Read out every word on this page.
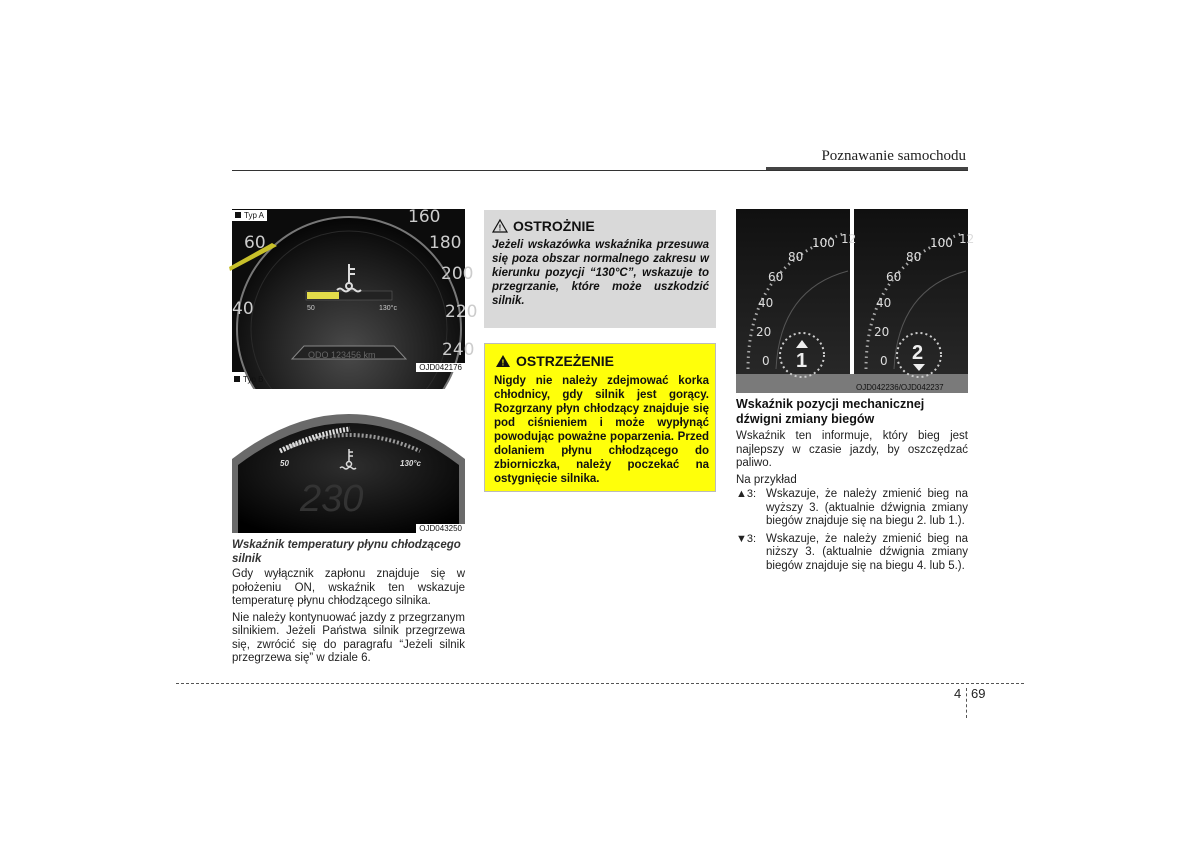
Poznawanie samochodu
60	180
200
220
240
160
40	50	130°c
ODO 123456 km
Typ A
OJD042176
Typ B
50	130°c
230
OJD043250
Wskaźnik temperatury płynu chłodzącego silnik

Gdy wyłącznik zapłonu znajduje się w położeniu ON, wskaźnik ten wskazuje temperaturę płynu chłodzącego silnika.

Nie należy kontynuować jazdy z przegrzanym silnikiem. Jeżeli Państwa silnik przegrzewa się, zwrócić się do paragrafu “Jeżeli silnik przegrzewa się” w dziale 6.

! OSTROŻNIE
Jeżeli wskazówka wskaźnika przesuwa się poza obszar normalnego zakresu w kierunku pozycji “130°C”, wskazuje to przegrzanie, które może uszkodzić silnik.
! OSTRZEŻENIE
Nigdy nie należy zdejmować korka chłodnicy, gdy silnik jest gorący. Rozgrzany płyn chłodzący znajduje się pod ciśnieniem i może wypłynąć powodując poważne poparzenia. Przed dolaniem płynu chłodzącego do zbiorniczka, należy poczekać na ostygnięcie silnika.
0
20
40
60
80
100 12
0
20
40
60
80
100 12
1	2
OJD042236/OJD042237
Wskaźnik pozycji mechanicznej dźwigni zmiany biegów

Wskaźnik ten informuje, który bieg jest najlepszy w czasie jazdy, by oszczędzać paliwo.

Na przykład

▲3: Wskazuje, że należy zmienić bieg na wyższy 3. (aktualnie dźwignia zmiany biegów znajduje się na biegu 2. lub 1.).
▼3: Wskazuje, że należy zmienić bieg na niższy 3. (aktualnie dźwignia zmiany biegów znajduje się na biegu 4. lub 5.).
4 69
